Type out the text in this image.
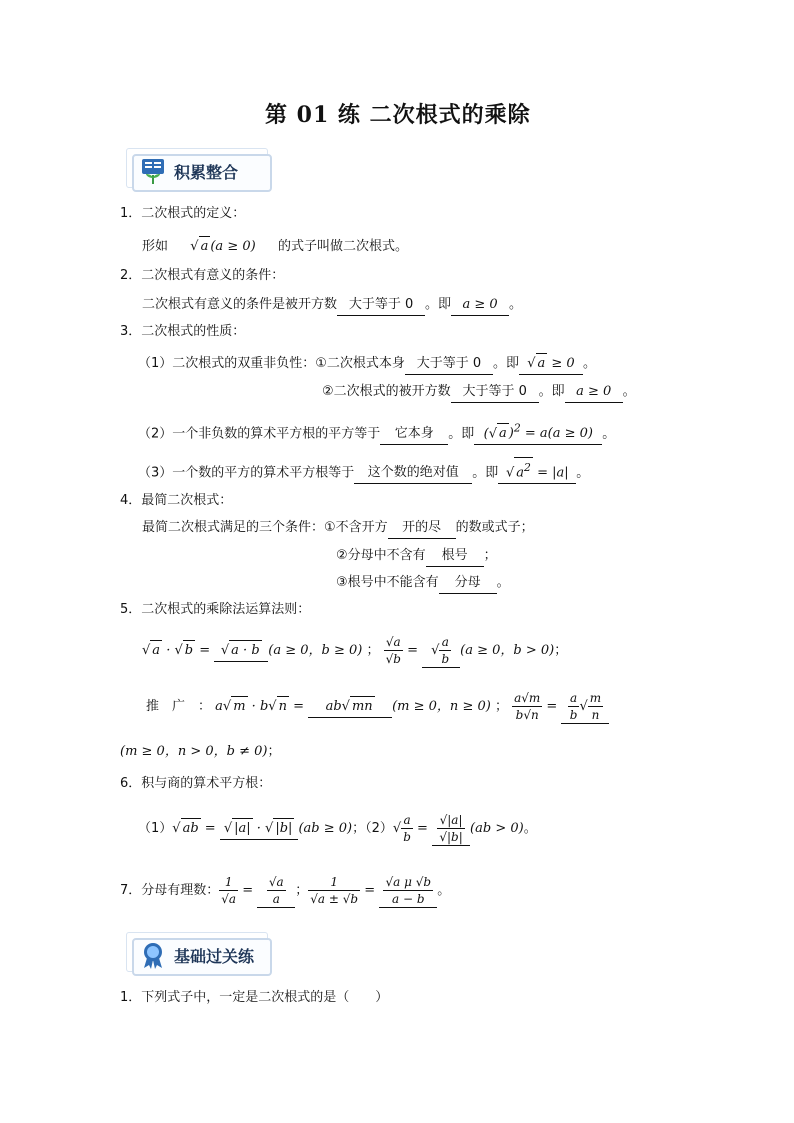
第 01 练 二次根式的乘除
积累整合
1．二次根式的定义：
形如 √ a (a ≥ 0) 的式子叫做二次根式。
2．二次根式有意义的条件：
二次根式有意义的条件是被开方数 大于等于 0 。即 a ≥ 0 。
3．二次根式的性质：
（1）二次根式的双重非负性：①二次根式本身 大于等于 0 。即 √ a ≥ 0 。
②二次根式的被开方数 大于等于 0 。即 a ≥ 0 。
（2）一个非负数的算术平方根的平方等于 它本身 。即 (√ a )$^2$ = a(a ≥ 0) 。
（3）一个数的平方的算术平方根等于 这个数的绝对值 。即 √ $a^2 = |a|$ 。
4．最简二次根式：
最简二次根式满足的三个条件：①不含开方 开的尽 的数或式子；
②分母中不含有 根号 ；
③根号中不能含有 分母 。
5．二次根式的乘除法运算法则：
√ a · √ b = √ a · b (a ≥ 0，b ≥ 0) ； $\frac{√a}{√b}$ = √ $\frac{a}{b} (a \ge 0$，b > 0)；
推　广　： a√ m · b√ n = ab√ mn (m ≥ 0，n ≥ 0) ； $\frac{a√m}{b√n} = \frac{a}{b}$ √ $\frac{m}{n}$
(m ≥ 0，n > 0，b ≠ 0)；
6．积与商的算术平方根：
（1）√ ab = √ |a| · √ |b| (ab ≥ 0)；$(2)√ \frac{a}{b} = \frac{√|a|}{√|b|} (ab > 0)$。
7．分母有理数： $\frac{1}{√a} = \frac{√a}{a}$ ； $\frac{1}{√a \pm √b} = \frac{\text{√a μ √b}}{a - b}$ 。
基础过关练
1．下列式子中，一定是二次根式的是（　　）
